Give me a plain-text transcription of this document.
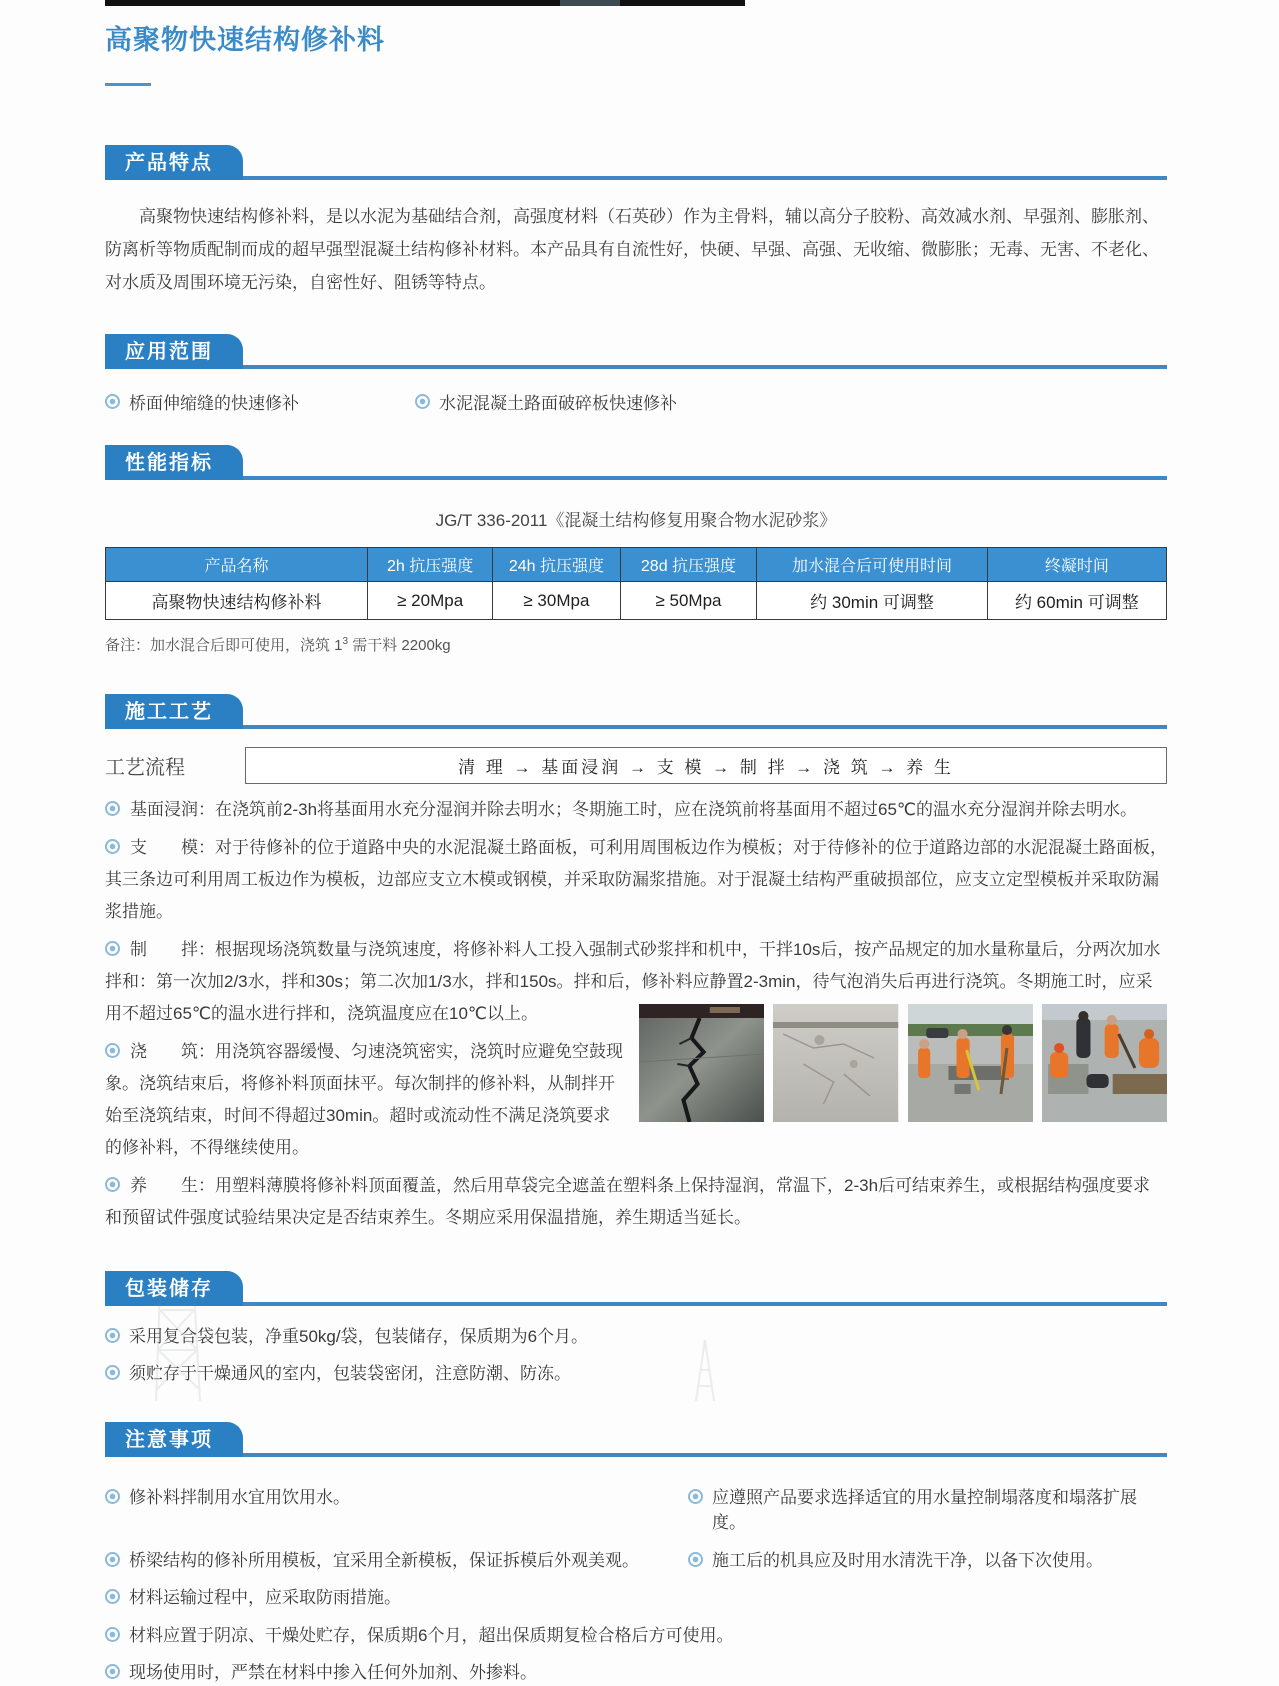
高聚物快速结构修补料
产品特点

高聚物快速结构修补料，是以水泥为基础结合剂，高强度材料（石英砂）作为主骨料，辅以高分子胶粉、高效减水剂、早强剂、膨胀剂、防离析等物质配制而成的超早强型混凝土结构修补材料。本产品具有自流性好，快硬、早强、高强、无收缩、微膨胀；无毒、无害、不老化、对水质及周围环境无污染，自密性好、阻锈等特点。

应用范围
桥面伸缩缝的快速修补	水泥混凝土路面破碎板快速修补
性能指标
JG/T 336-2011《混凝土结构修复用聚合物水泥砂浆》
产品名称	2h 抗压强度	24h 抗压强度	28d 抗压强度	加水混合后可使用时间	终凝时间
高聚物快速结构修补料	≥ 20Mpa	≥ 30Mpa	≥ 50Mpa	约 30min 可调整	约 60min 可调整
备注：加水混合后即可使用，浇筑 $1^3$ 需干料 2200kg
施工工艺
工艺流程	清 理 → 基面浸润 → 支 模 → 制 拌 → 浇 筑 → 养 生

基面浸润：在浇筑前2-3h将基面用水充分湿润并除去明水；冬期施工时，应在浇筑前将基面用不超过65℃的温水充分湿润并除去明水。

支　　模：对于待修补的位于道路中央的水泥混凝土路面板，可利用周围板边作为模板；对于待修补的位于道路边部的水泥混凝土路面板，其三条边可利用周工板边作为模板，边部应支立木模或钢模，并采取防漏浆措施。对于混凝土结构严重破损部位，应支立定型模板并采取防漏浆措施。

制　　拌：根据现场浇筑数量与浇筑速度，将修补料人工投入强制式砂浆拌和机中，干拌10s后，按产品规定的加水量称量后，分两次加水拌和：第一次加2/3水，拌和30s；第二次加1/3水，拌和150s。拌和后，修补料应静置2-3min，待气泡消失后再进行浇筑。冬期施工时，应采用不超过65℃的温水进行拌和，浇筑温度应在10℃以上。

浇　　筑：用浇筑容器缓慢、匀速浇筑密实，浇筑时应避免空鼓现象。浇筑结束后，将修补料顶面抹平。每次制拌的修补料，从制拌开始至浇筑结束，时间不得超过30min。超时或流动性不满足浇筑要求的修补料，不得继续使用。

养　　生：用塑料薄膜将修补料顶面覆盖，然后用草袋完全遮盖在塑料条上保持湿润，常温下，2-3h后可结束养生，或根据结构强度要求和预留试件强度试验结果决定是否结束养生。冬期应采用保温措施，养生期适当延长。

包装储存
采用复合袋包装，净重50kg/袋，包装储存，保质期为6个月。
须贮存于干燥通风的室内，包装袋密闭，注意防潮、防冻。
注意事项
修补料拌制用水宜用饮用水。	应遵照产品要求选择适宜的用水量控制塌落度和塌落扩展度。
桥梁结构的修补所用模板，宜采用全新模板，保证拆模后外观美观。	施工后的机具应及时用水清洗干净，以备下次使用。
材料运输过程中，应采取防雨措施。
材料应置于阴凉、干燥处贮存，保质期6个月，超出保质期复检合格后方可使用。
现场使用时，严禁在材料中掺入任何外加剂、外掺料。
